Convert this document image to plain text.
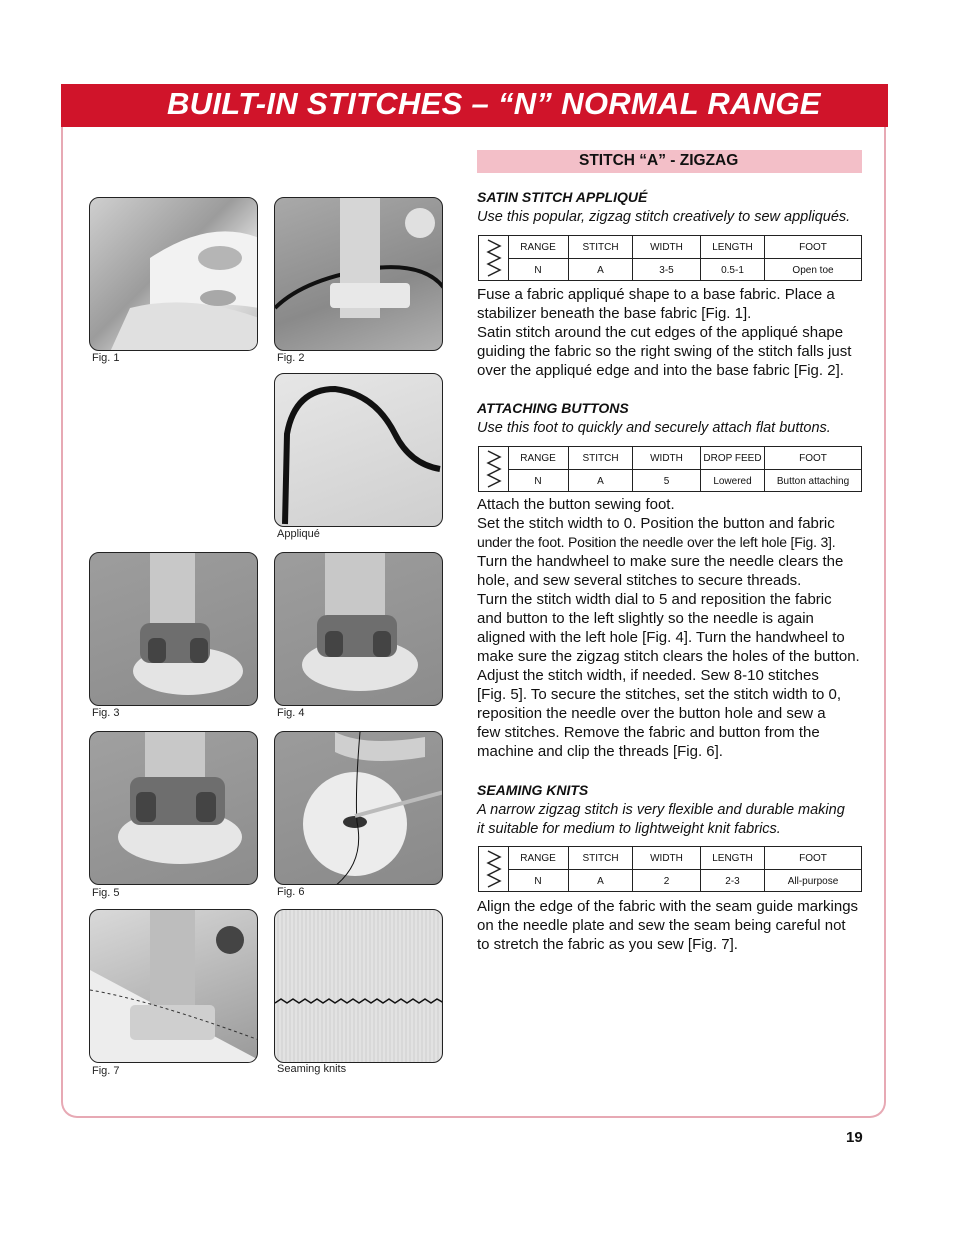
BUILT-IN STITCHES – “N” NORMAL RANGE
STITCH “A” - ZIGZAG
Fig. 1	Fig. 2
Appliqué
Fig. 3	Fig. 4
Fig. 5	Fig. 6
Fig. 7	Seaming knits
SATIN STITCH APPLIQUÉ
Use this popular, zigzag stitch creatively to sew appliqués.
RANGE	STITCH	WIDTH	LENGTH	FOOT
N	A	3-5	0.5-1	Open toe
Fuse a fabric appliqué shape to a base fabric. Place a
stabilizer beneath the base fabric [Fig. 1].
Satin stitch around the cut edges of the appliqué shape
guiding the fabric so the right swing of the stitch falls just
over the appliqué edge and into the base fabric [Fig. 2].
ATTACHING BUTTONS
Use this foot to quickly and securely attach flat buttons.
RANGE	STITCH	WIDTH	DROP FEED	FOOT
N	A	5	Lowered	Button attaching
Attach the button sewing foot.
Set the stitch width to 0. Position the button and fabric
under the foot. Position the needle over the left hole [Fig. 3].
Turn the handwheel to make sure the needle clears the
hole, and sew several stitches to secure threads.
Turn the stitch width dial to 5 and reposition the fabric
and button to the left slightly so the needle is again
aligned with the left hole [Fig. 4]. Turn the handwheel to
make sure the zigzag stitch clears the holes of the button.
Adjust the stitch width, if needed. Sew 8-10 stitches
[Fig. 5]. To secure the stitches, set the stitch width to 0,
reposition the needle over the button hole and sew a
few stitches. Remove the fabric and button from the
machine and clip the threads [Fig. 6].
SEAMING KNITS
A narrow zigzag stitch is very flexible and durable making
it suitable for medium to lightweight knit fabrics.
RANGE	STITCH	WIDTH	LENGTH	FOOT
N	A	2	2-3	All-purpose
Align the edge of the fabric with the seam guide markings
on the needle plate and sew the seam being careful not
to stretch the fabric as you sew [Fig. 7].
19
